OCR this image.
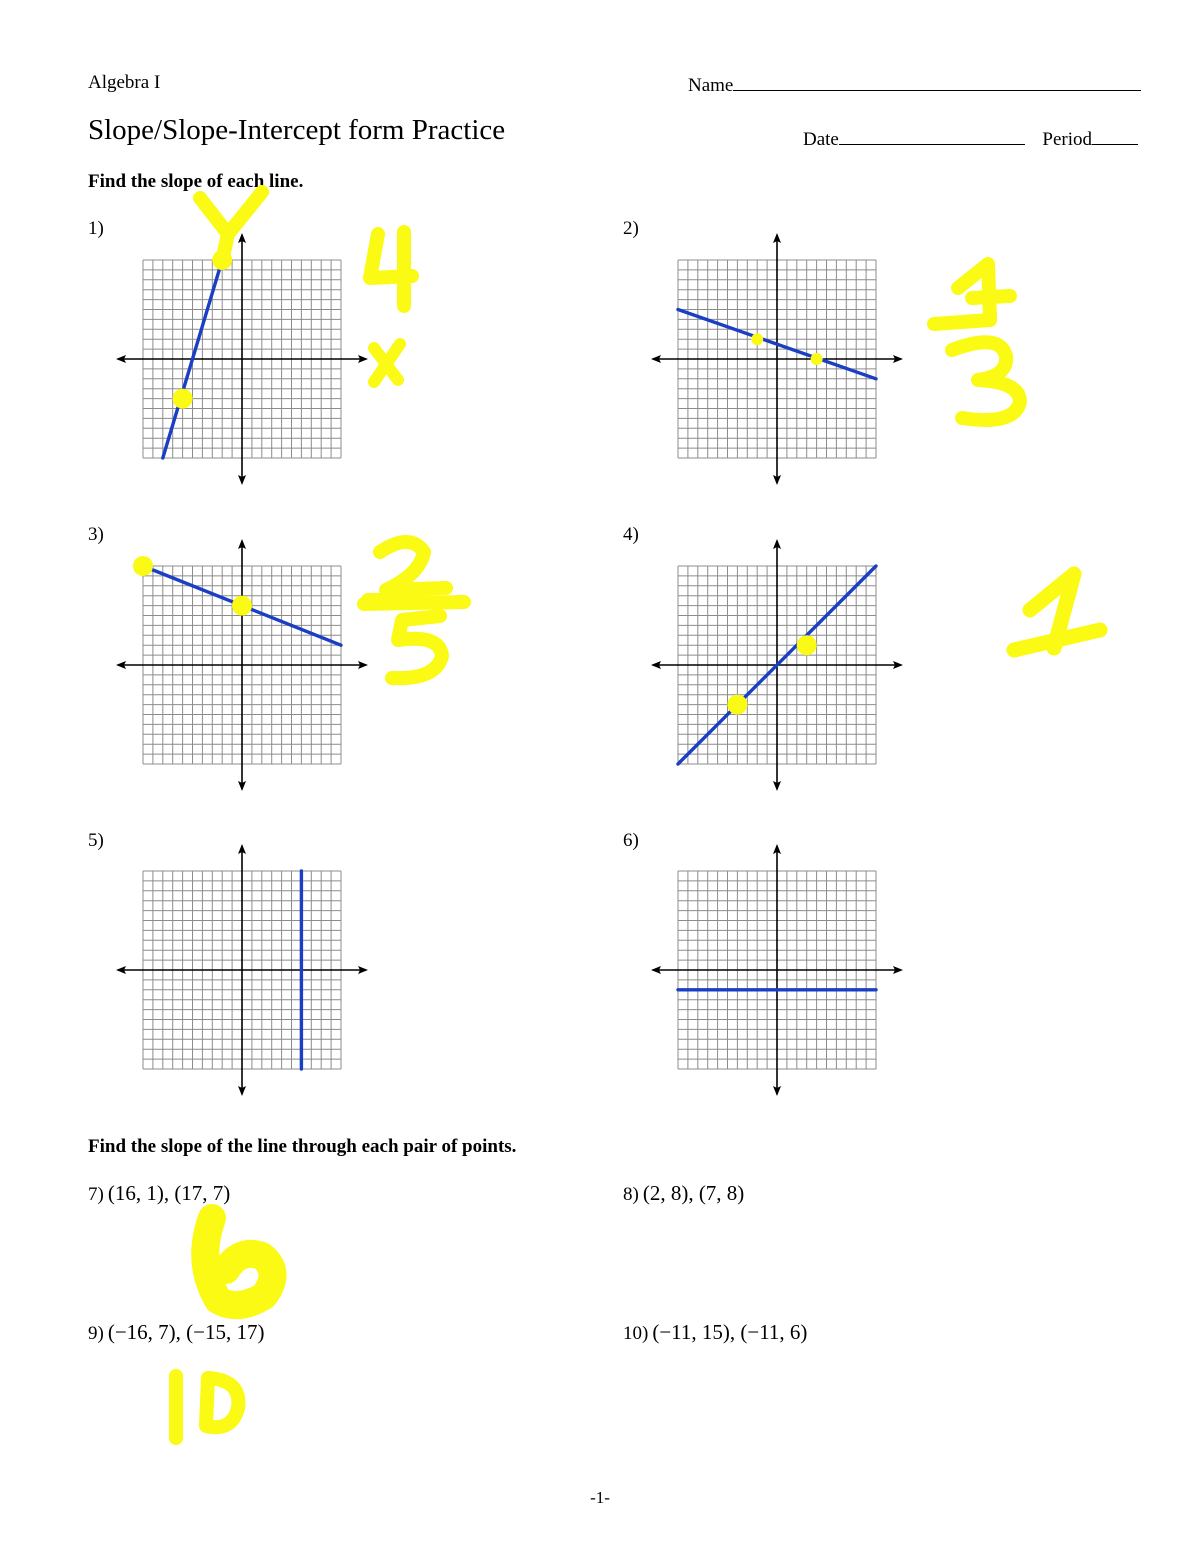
Algebra I
Slope/Slope-Intercept form Practice
Name
Date	Period
Find the slope of each line.
1)	2)
3)	4)
5)	6)
Find the slope of the line through each pair of points.
7) (16, 1), (17, 7)	8) (2, 8), (7, 8)
9) (−16, 7), (−15, 17)	10) (−11, 15), (−11, 6)
-1-
